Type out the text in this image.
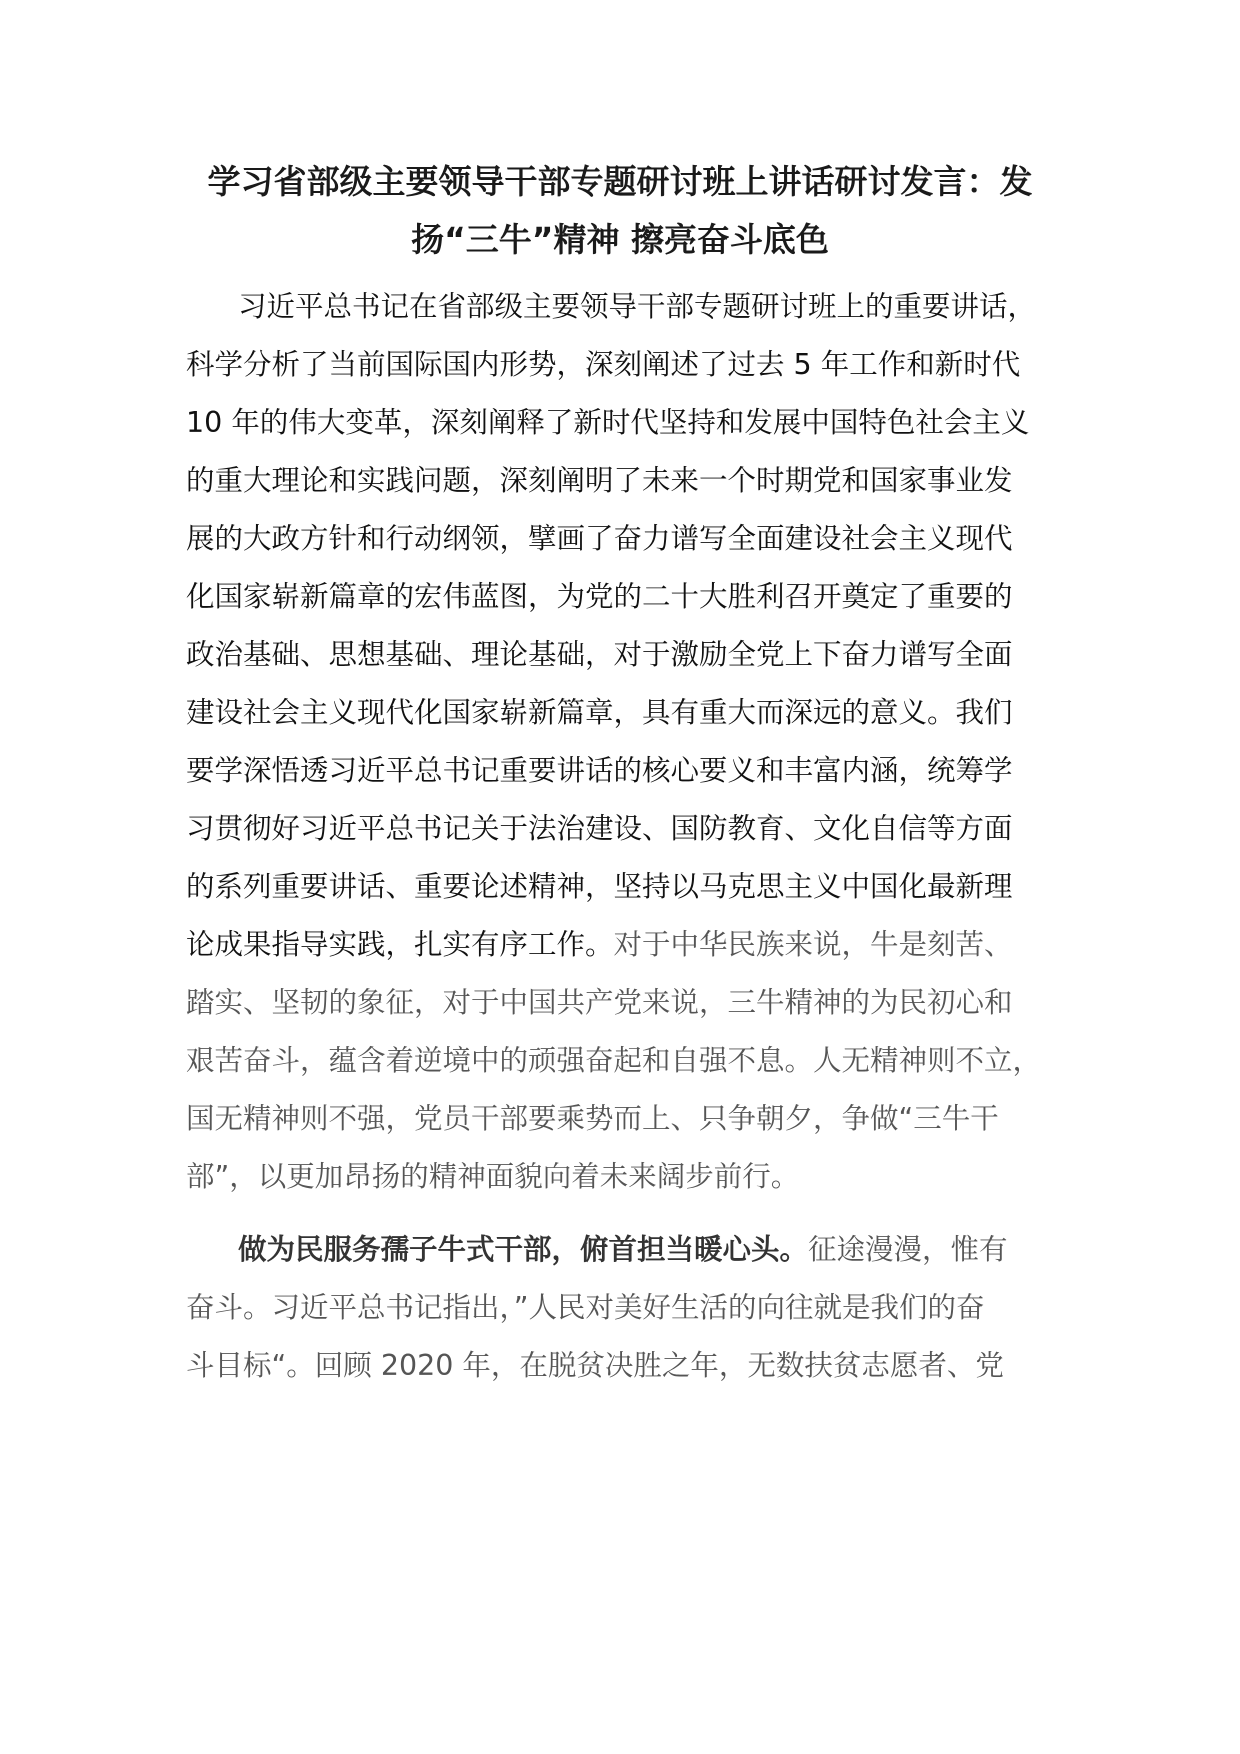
学习省部级主要领导干部专题研讨班上讲话研讨发言：发
扬“三牛”精神 擦亮奋斗底色
习近平总书记在省部级主要领导干部专题研讨班上的重要讲话，
科学分析了当前国际国内形势，深刻阐述了过去 5 年工作和新时代
10 年的伟大变革，深刻阐释了新时代坚持和发展中国特色社会主义
的重大理论和实践问题，深刻阐明了未来一个时期党和国家事业发
展的大政方针和行动纲领，擘画了奋力谱写全面建设社会主义现代
化国家崭新篇章的宏伟蓝图，为党的二十大胜利召开奠定了重要的
政治基础、思想基础、理论基础，对于激励全党上下奋力谱写全面
建设社会主义现代化国家崭新篇章，具有重大而深远的意义。我们
要学深悟透习近平总书记重要讲话的核心要义和丰富内涵，统筹学
习贯彻好习近平总书记关于法治建设、国防教育、文化自信等方面
的系列重要讲话、重要论述精神，坚持以马克思主义中国化最新理
论成果指导实践，扎实有序工作。对于中华民族来说，牛是刻苦、
踏实、坚韧的象征，对于中国共产党来说，三牛精神的为民初心和
艰苦奋斗，蕴含着逆境中的顽强奋起和自强不息。人无精神则不立，
国无精神则不强，党员干部要乘势而上、只争朝夕，争做“三牛干
部”，以更加昂扬的精神面貌向着未来阔步前行。
做为民服务孺子牛式干部，俯首担当暖心头。征途漫漫，惟有
奋斗。习近平总书记指出，”人民对美好生活的向往就是我们的奋
斗目标“。回顾 2020 年，在脱贫决胜之年，无数扶贫志愿者、党
